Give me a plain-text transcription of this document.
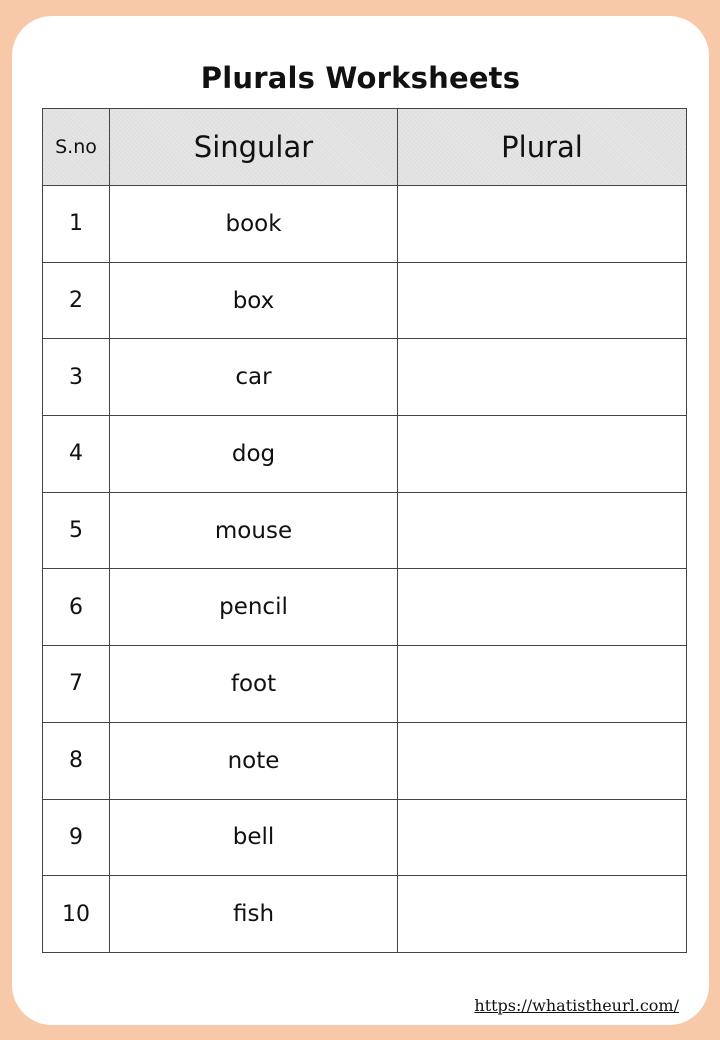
Plurals Worksheets
S.no	Singular	Plural
1	book	
2	box	
3	car	
4	dog	
5	mouse	
6	pencil	
7	foot	
8	note	
9	bell	
10	fish	
https://whatistheurl.com/
